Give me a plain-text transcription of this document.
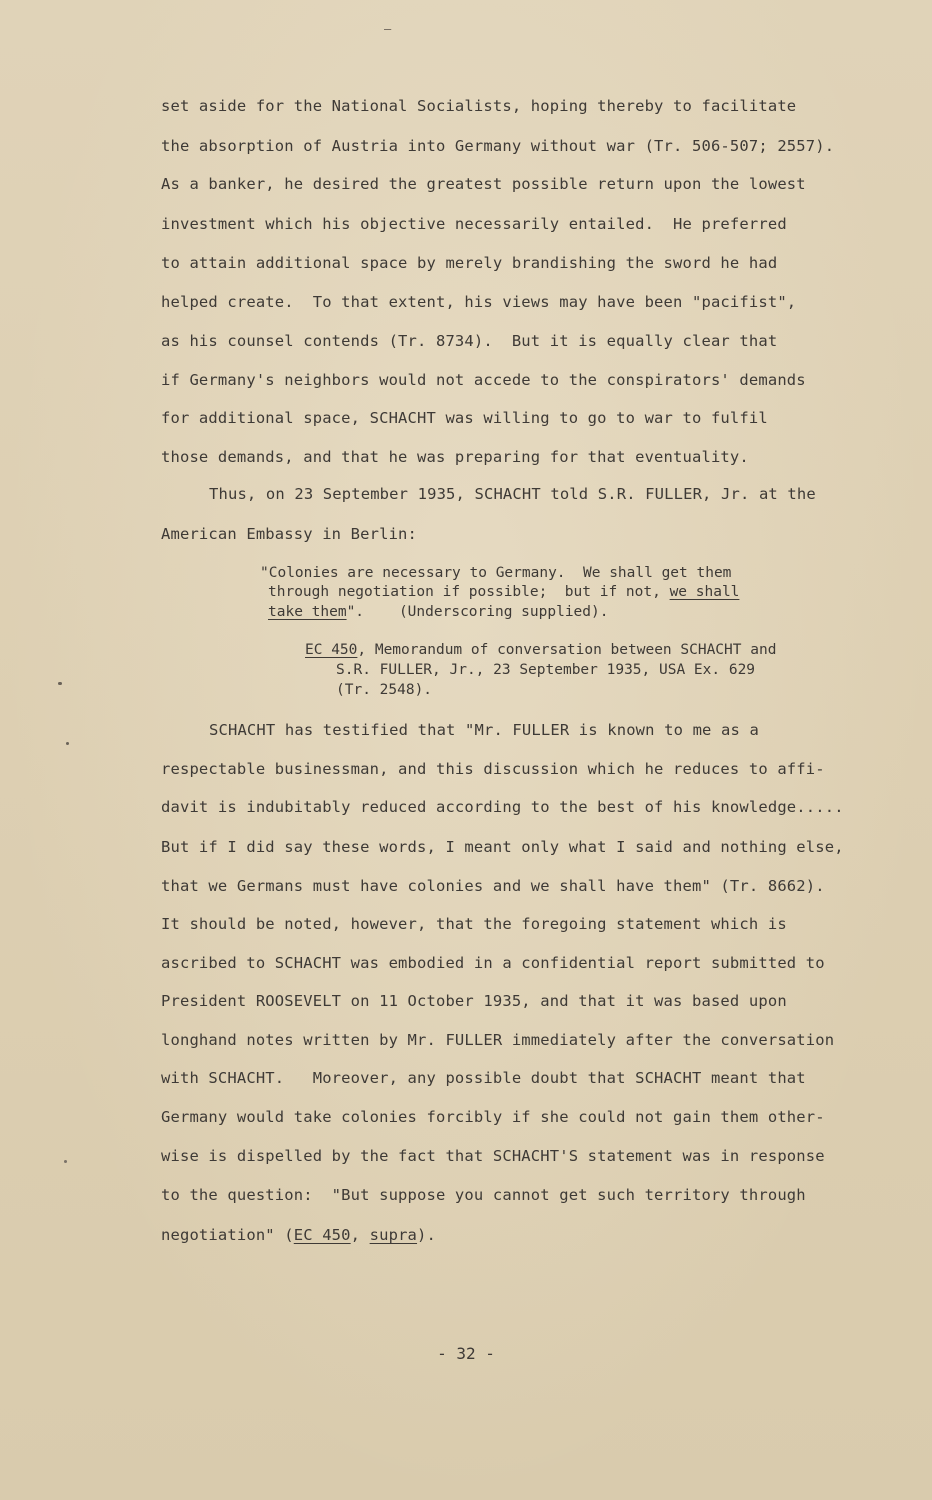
—
set aside for the National Socialists, hoping thereby to facilitate
the absorption of Austria into Germany without war (Tr. 506-507; 2557).
As a banker, he desired the greatest possible return upon the lowest
investment which his objective necessarily entailed.  He preferred
to attain additional space by merely brandishing the sword he had
helped create.  To that extent, his views may have been "pacifist",
as his counsel contends (Tr. 8734).  But it is equally clear that
if Germany's neighbors would not accede to the conspirators' demands
for additional space, SCHACHT was willing to go to war to fulfil
those demands, and that he was preparing for that eventuality.
Thus, on 23 September 1935, SCHACHT told S.R. FULLER, Jr. at the
American Embassy in Berlin:
"Colonies are necessary to Germany.  We shall get them
through negotiation if possible;  but if not, we shall
take them".    (Underscoring supplied).
EC 450, Memorandum of conversation between SCHACHT and
S.R. FULLER, Jr., 23 September 1935, USA Ex. 629
(Tr. 2548).
SCHACHT has testified that "Mr. FULLER is known to me as a
respectable businessman, and this discussion which he reduces to affi-
davit is indubitably reduced according to the best of his knowledge.....
But if I did say these words, I meant only what I said and nothing else,
that we Germans must have colonies and we shall have them" (Tr. 8662).
It should be noted, however, that the foregoing statement which is
ascribed to SCHACHT was embodied in a confidential report submitted to
President ROOSEVELT on 11 October 1935, and that it was based upon
longhand notes written by Mr. FULLER immediately after the conversation
with SCHACHT.   Moreover, any possible doubt that SCHACHT meant that
Germany would take colonies forcibly if she could not gain them other-
wise is dispelled by the fact that SCHACHT'S statement was in response
to the question:  "But suppose you cannot get such territory through
negotiation" (EC 450, supra).
- 32 -
